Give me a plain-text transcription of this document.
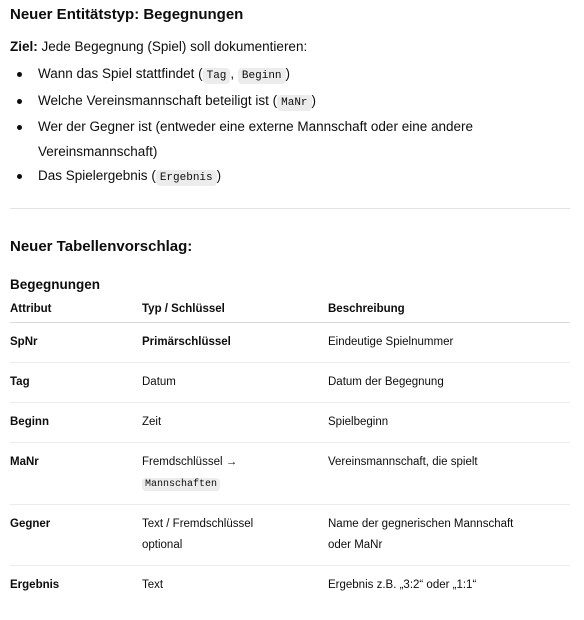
Neuer Entitätstyp: Begegnungen

Ziel: Jede Begegnung (Spiel) soll dokumentieren:

Wann das Spiel stattfindet ( Tag , Beginn )
Welche Vereinsmannschaft beteiligt ist ( MaNr )
Wer der Gegner ist (entweder eine externe Mannschaft oder eine andere Vereinsmannschaft)
Das Spielergebnis ( Ergebnis )
Neuer Tabellenvorschlag:
Begegnungen
Attribut	Typ / Schlüssel	Beschreibung

SpNr	Primärschlüssel	Eindeutige Spielnummer

Tag	Datum	Datum der Begegnung

Beginn	Zeit	Spielbeginn

MaNr	Fremdschlüssel →
Mannschaften	Vereinsmannschaft, die spielt

Gegner	Text / Fremdschlüssel optional	Name der gegnerischen Mannschaft oder MaNr

Ergebnis	Text	Ergebnis z.B. „3:2“ oder „1:1“
